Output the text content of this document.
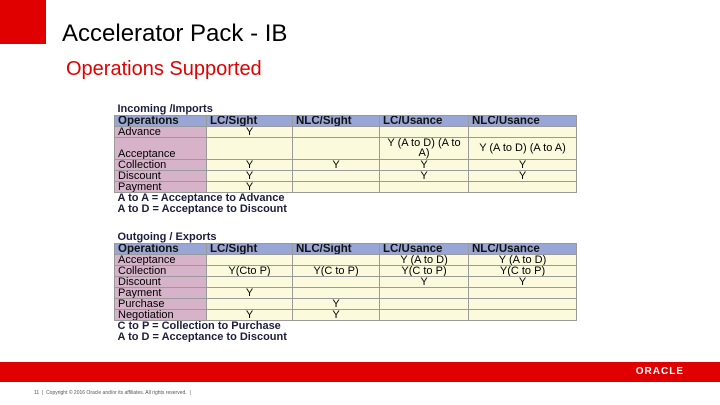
Accelerator Pack - IB
Operations Supported
Incoming /Imports				
Operations	LC/Sight	NLC/Sight	LC/Usance	NLC/Usance
Advance	Y			
Acceptance			Y (A to D) (A to A)	Y (A to D) (A to A)
Collection	Y	Y	Y	Y
Discount	Y		Y	Y
Payment	Y			
A to A = Acceptance to Advance				
A to D = Acceptance to Discount				
Outgoing / Exports				
Operations	LC/Sight	NLC/Sight	LC/Usance	NLC/Usance
Acceptance			Y (A to D)	Y (A to D)
Collection	Y(Cto P)	Y(C to P)	Y(C to P)	Y(C to P)
Discount			Y	Y
Payment	Y			
Purchase		Y		
Negotiation	Y	Y		
C to P = Collection to Purchase				
A to D = Acceptance to Discount				
ORACLE
11  |  Copyright © 2016 Oracle and/or its affiliates. All rights reserved.  |
